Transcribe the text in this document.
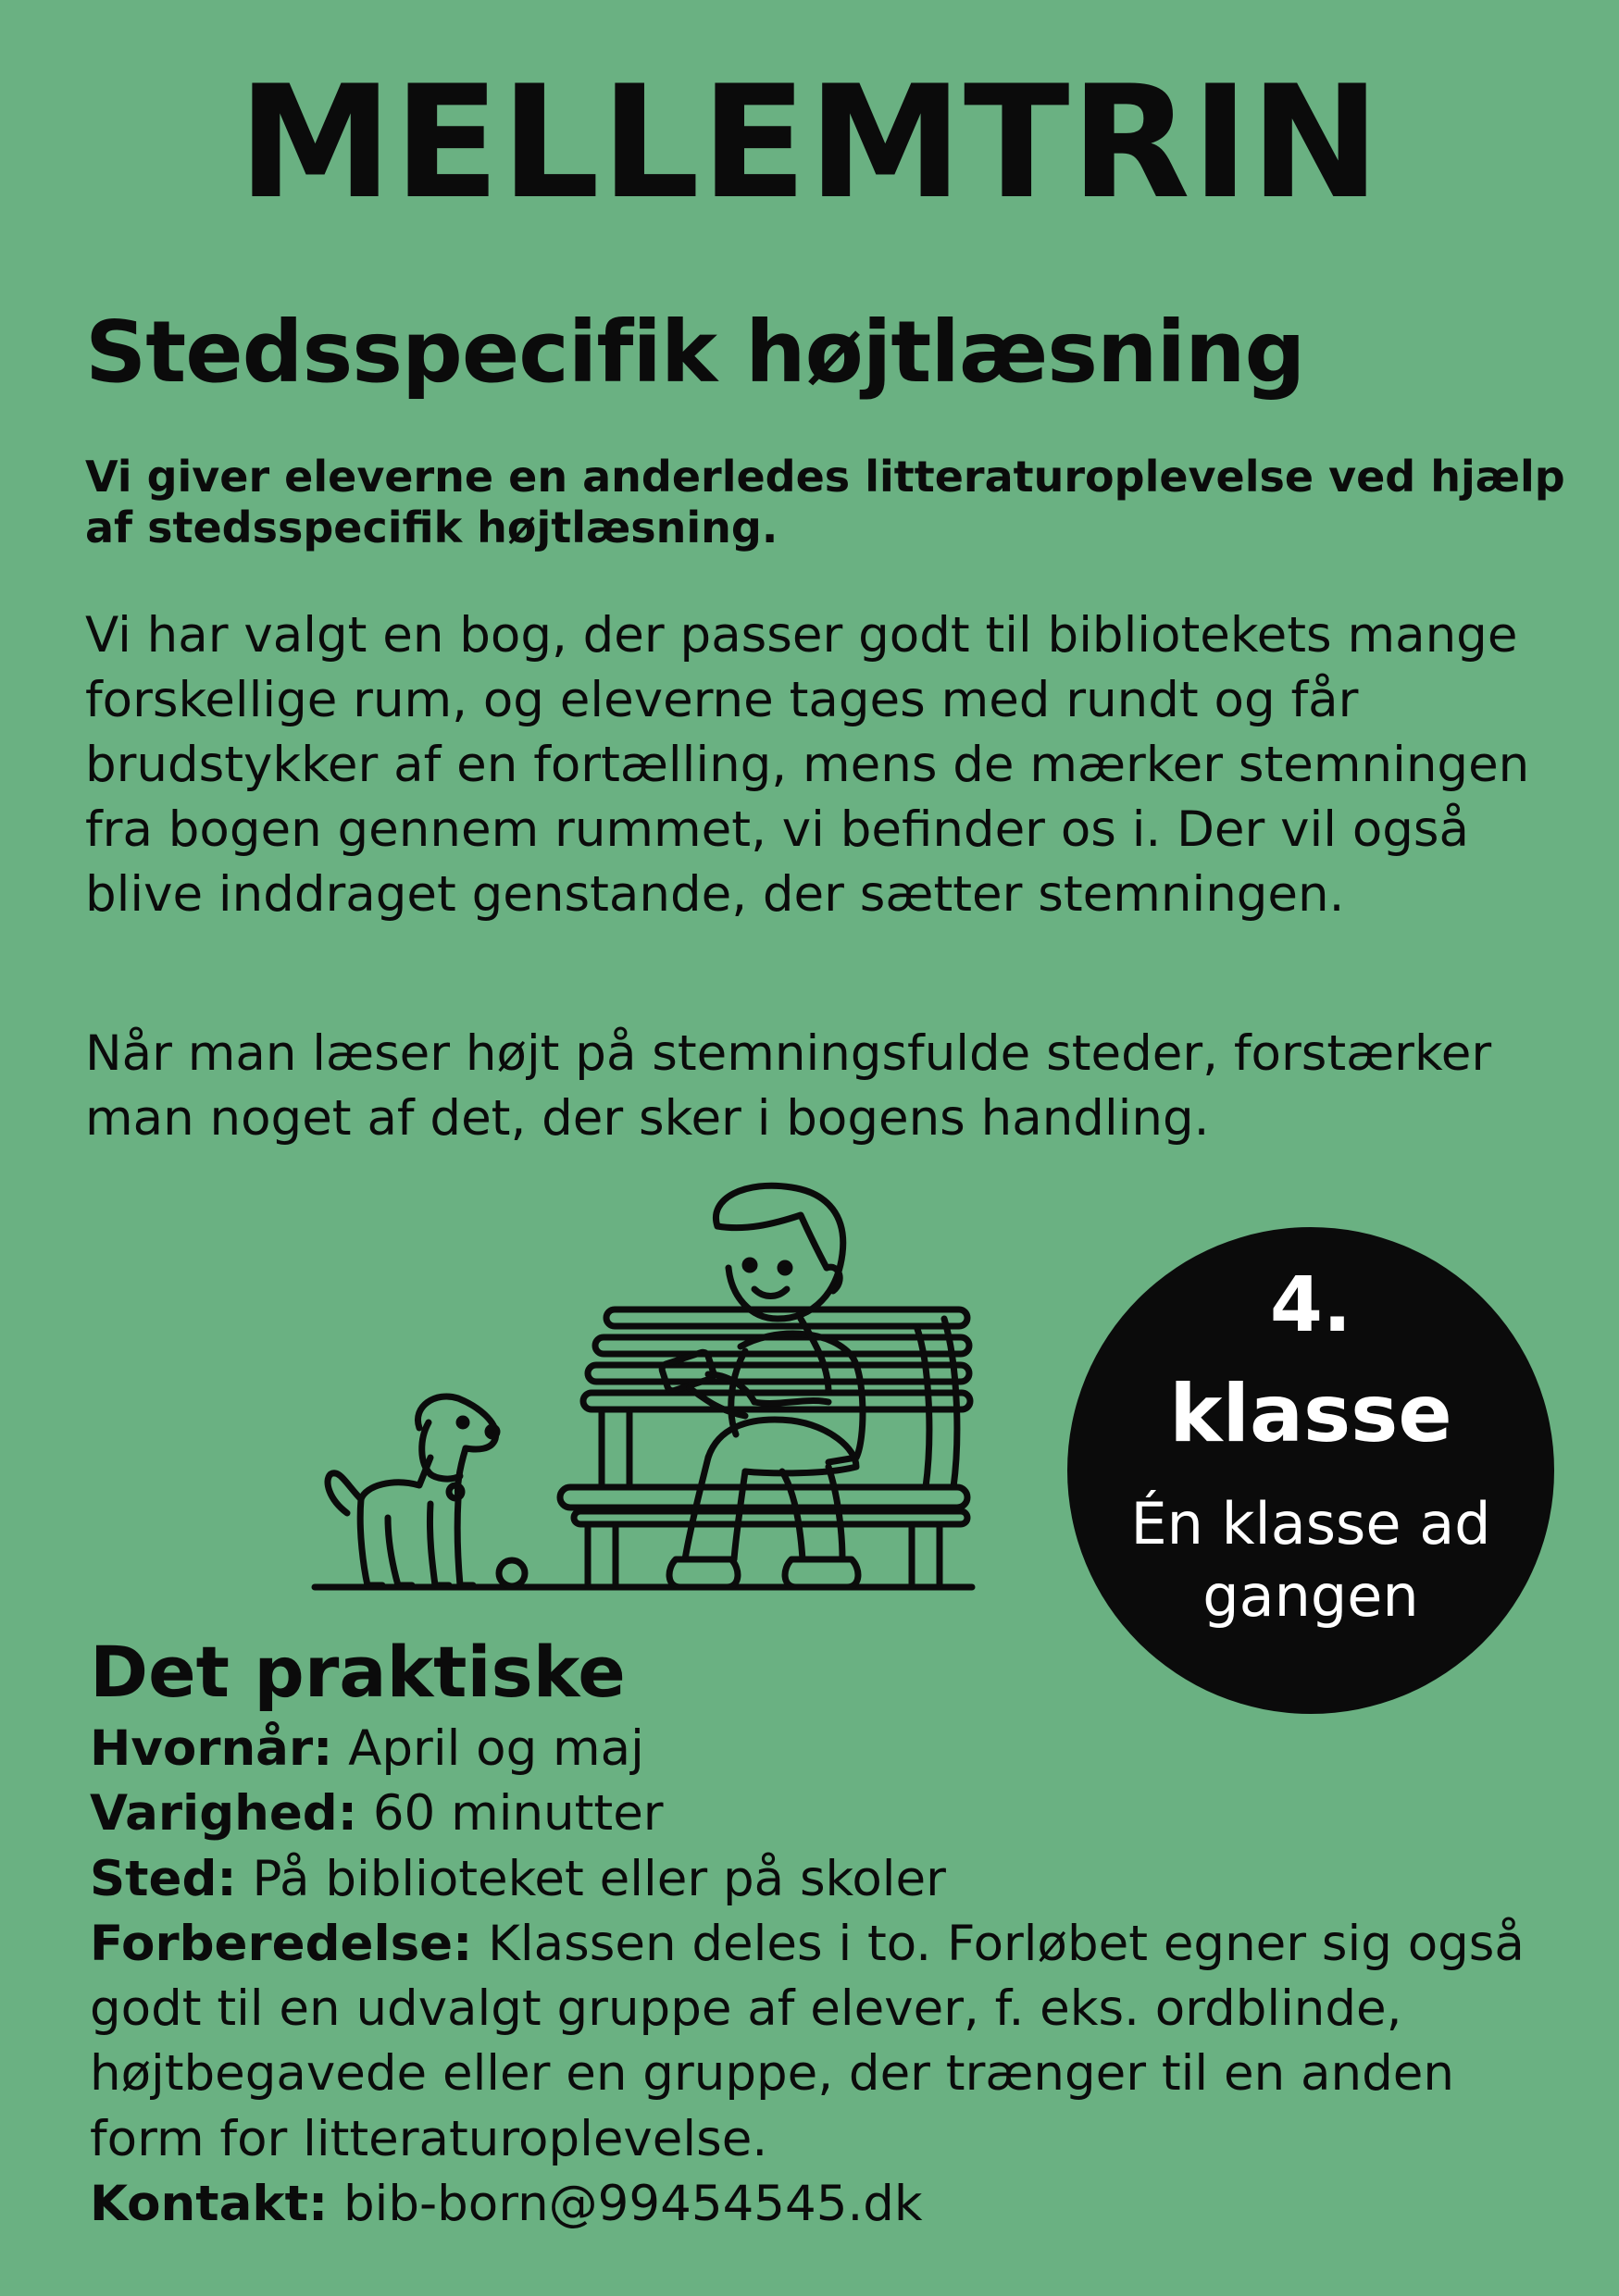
MELLEMTRIN
Stedsspecifik højtlæsning

Vi giver eleverne en anderledes litteraturoplevelse ved hjælp af stedsspecifik højtlæsning.

Vi har valgt en bog, der passer godt til bibliotekets mange forskellige rum, og eleverne tages med rundt og får brudstykker af en fortælling, mens de mærker stemningen fra bogen gennem rummet, vi befinder os i. Der vil også blive inddraget genstande, der sætter stemningen.

Når man læser højt på stemningsfulde steder, forstærker man noget af det, der sker i bogens handling.

4.
klasse
Én klasse ad gangen
Det praktiske

Hvornår: April og maj

Varighed: 60 minutter

Sted: På biblioteket eller på skoler

Forberedelse: Klassen deles i to. Forløbet egner sig også godt til en udvalgt gruppe af elever, f. eks. ordblinde, højtbegavede eller en gruppe, der trænger til en anden form for litteraturoplevelse.

Kontakt: bib-born@99454545.dk
